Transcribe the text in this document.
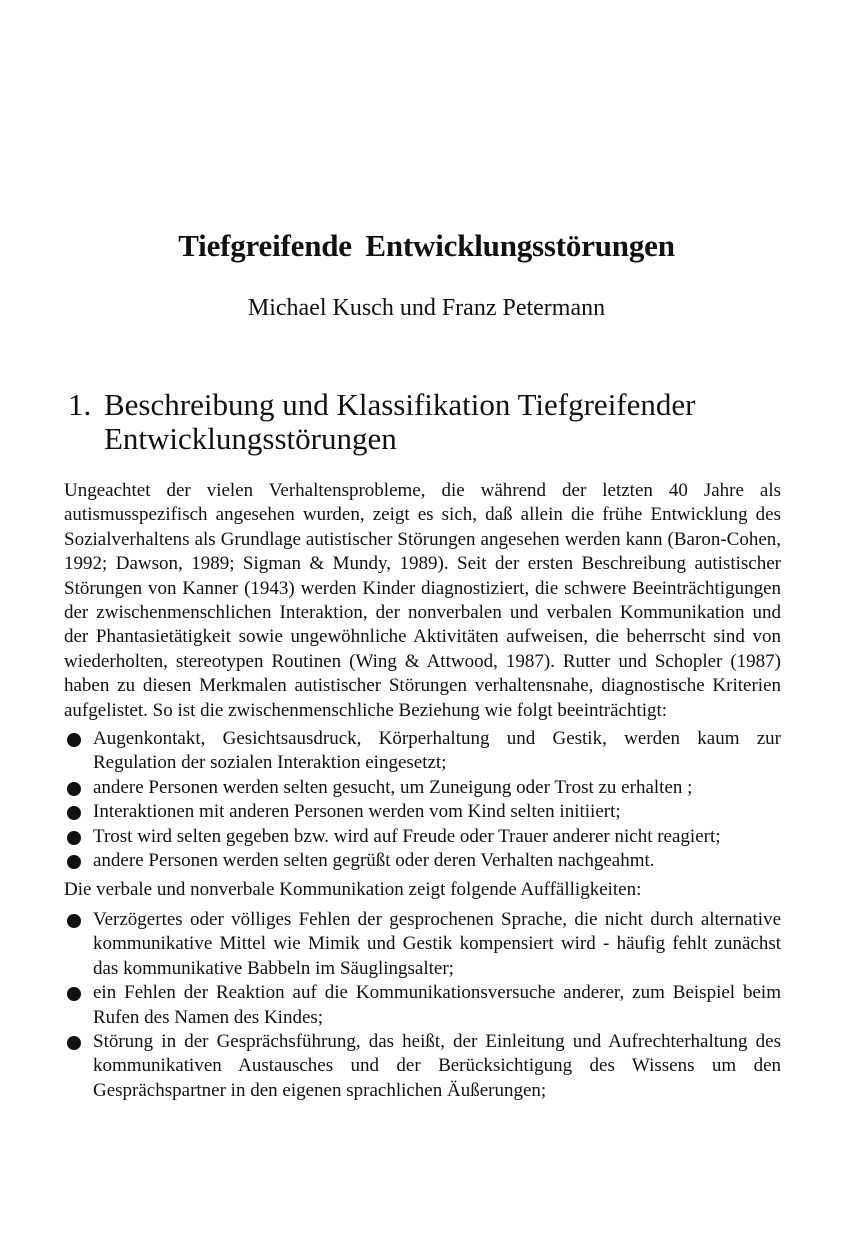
Tiefgreifende Entwicklungsstörungen
Michael Kusch und Franz Petermann
1. Beschreibung und Klassifikation Tiefgreifender
Entwicklungsstörungen

Ungeachtet der vielen Verhaltensprobleme, die während der letzten 40 Jahre als autismusspezifisch angesehen wurden, zeigt es sich, daß allein die frühe Entwicklung des Sozialverhaltens als Grundlage autistischer Störungen angesehen werden kann (Baron-Cohen, 1992; Dawson, 1989; Sigman & Mundy, 1989). Seit der ersten Beschreibung autistischer Störungen von Kanner (1943) werden Kinder diagnostiziert, die schwere Beeinträchtigungen der zwischenmenschlichen Interaktion, der nonverbalen und verbalen Kommunikation und der Phantasietätigkeit sowie ungewöhnliche Aktivitäten aufweisen, die beherrscht sind von wiederholten, stereotypen Routinen (Wing & Attwood, 1987). Rutter und Schopler (1987) haben zu diesen Merkmalen autistischer Störungen verhaltensnahe, diagnostische Kriterien aufgelistet. So ist die zwischenmenschliche Beziehung wie folgt beeinträchtigt:

Augenkontakt, Gesichtsausdruck, Körperhaltung und Gestik, werden kaum zur Regulation der sozialen Interaktion eingesetzt;
andere Personen werden selten gesucht, um Zuneigung oder Trost zu erhalten ;
Interaktionen mit anderen Personen werden vom Kind selten initiiert;
Trost wird selten gegeben bzw. wird auf Freude oder Trauer anderer nicht reagiert;
andere Personen werden selten gegrüßt oder deren Verhalten nachgeahmt.

Die verbale und nonverbale Kommunikation zeigt folgende Auffälligkeiten:

Verzögertes oder völliges Fehlen der gesprochenen Sprache, die nicht durch alternative kommunikative Mittel wie Mimik und Gestik kompensiert wird - häufig fehlt zunächst das kommunikative Babbeln im Säuglingsalter;
ein Fehlen der Reaktion auf die Kommunikationsversuche anderer, zum Beispiel beim Rufen des Namen des Kindes;
Störung in der Gesprächsführung, das heißt, der Einleitung und Aufrechterhaltung des kommunikativen Austausches und der Berücksichtigung des Wissens um den Gesprächspartner in den eigenen sprachlichen Äußerungen;
